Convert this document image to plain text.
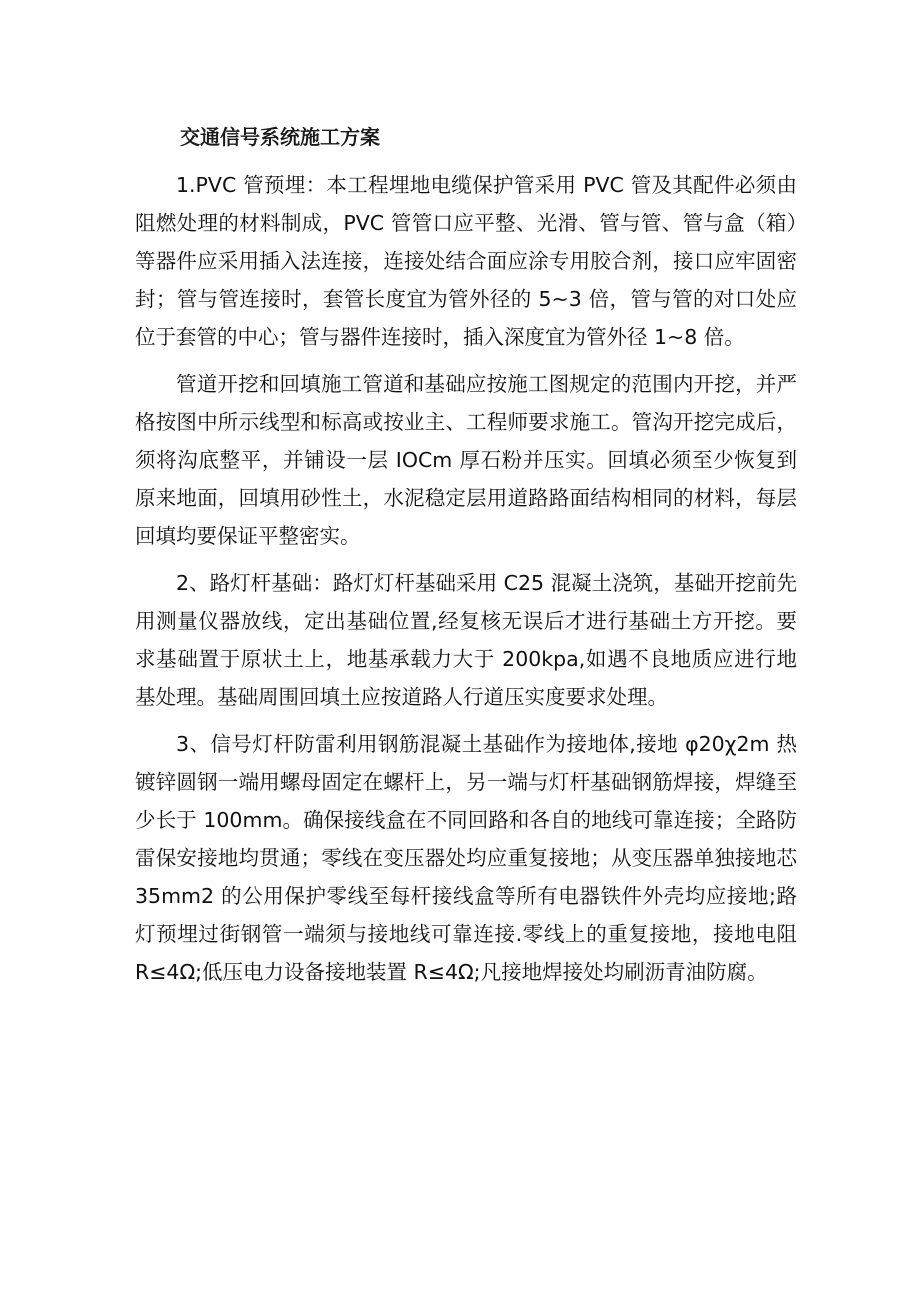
交通信号系统施工方案

1.PVC 管预埋：本工程埋地电缆保护管采用 PVC 管及其配件必须由阻燃处理的材料制成，PVC 管管口应平整、光滑、管与管、管与盒（箱）等器件应采用插入法连接，连接处结合面应涂专用胶合剂，接口应牢固密封；管与管连接时，套管长度宜为管外径的 5~3 倍，管与管的对口处应位于套管的中心；管与器件连接时，插入深度宜为管外径 1~8 倍。

管道开挖和回填施工管道和基础应按施工图规定的范围内开挖，并严格按图中所示线型和标高或按业主、工程师要求施工。管沟开挖完成后，须将沟底整平，并铺设一层 IOCm 厚石粉并压实。回填必须至少恢复到原来地面，回填用砂性土，水泥稳定层用道路路面结构相同的材料，每层回填均要保证平整密实。

2、路灯杆基础：路灯灯杆基础采用 C25 混凝土浇筑，基础开挖前先用测量仪器放线，定出基础位置,经复核无误后才进行基础土方开挖。要求基础置于原状土上，地基承载力大于 200kpa,如遇不良地质应进行地基处理。基础周围回填土应按道路人行道压实度要求处理。

3、信号灯杆防雷利用钢筋混凝土基础作为接地体,接地 φ20χ2m 热镀锌圆钢一端用螺母固定在螺杆上，另一端与灯杆基础钢筋焊接，焊缝至少长于 100mm。确保接线盒在不同回路和各自的地线可靠连接；全路防雷保安接地均贯通；零线在变压器处均应重复接地；从变压器单独接地芯 35mm2 的公用保护零线至每杆接线盒等所有电器铁件外壳均应接地;路灯预埋过街钢管一端须与接地线可靠连接.零线上的重复接地，接地电阻 R≤4Ω;低压电力设备接地装置 R≤4Ω;凡接地焊接处均刷沥青油防腐。
